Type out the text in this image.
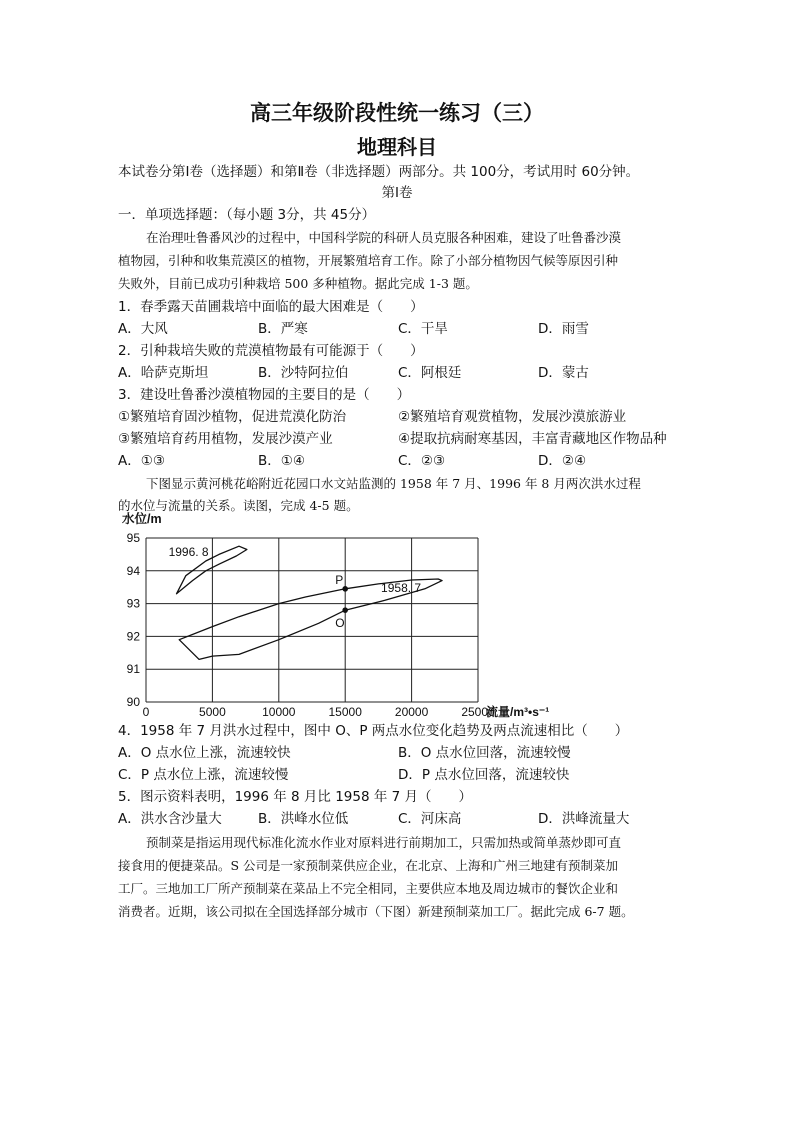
高三年级阶段性统一练习（三）
地理科目
本试卷分第Ⅰ卷（选择题）和第Ⅱ卷（非选择题）两部分。共 100分，考试用时 60分钟。
第Ⅰ卷
一．单项选择题：（每小题 3分，共 45分）
在治理吐鲁番风沙的过程中，中国科学院的科研人员克服各种困难，建设了吐鲁番沙漠
植物园，引种和收集荒漠区的植物，开展繁殖培育工作。除了小部分植物因气候等原因引种
失败外，目前已成功引种栽培 500 多种植物。据此完成 1-3 题。
1．春季露天苗圃栽培中面临的最大困难是（　　）
A．大风	B．严寒	C．干旱	D．雨雪
2．引种栽培失败的荒漠植物最有可能源于（　　）
A．哈萨克斯坦	B．沙特阿拉伯	C．阿根廷	D．蒙古
3．建设吐鲁番沙漠植物园的主要目的是（　　）
①繁殖培育固沙植物，促进荒漠化防治	②繁殖培育观赏植物，发展沙漠旅游业
③繁殖培育药用植物，发展沙漠产业	④提取抗病耐寒基因，丰富青藏地区作物品种
A．①③	B．①④	C．②③	D．②④
下图显示黄河桃花峪附近花园口水文站监测的 1958 年 7 月、1996 年 8 月两次洪水过程
的水位与流量的关系。读图，完成 4-5 题。
水位/m
90
91
92
93
94
95
0	5000	10000	15000	20000	25000
1958. 7
1996. 8
P
O
流量/m³•s⁻¹
4．1958 年 7 月洪水过程中，图中 O、P 两点水位变化趋势及两点流速相比（　　）
A．O 点水位上涨，流速较快	B．O 点水位回落，流速较慢
C．P 点水位上涨，流速较慢	D．P 点水位回落，流速较快
5．图示资料表明，1996 年 8 月比 1958 年 7 月（　　）
A．洪水含沙量大	B．洪峰水位低	C．河床高	D．洪峰流量大
预制菜是指运用现代标准化流水作业对原料进行前期加工，只需加热或简单蒸炒即可直
接食用的便捷菜品。S 公司是一家预制菜供应企业，在北京、上海和广州三地建有预制菜加
工厂。三地加工厂所产预制菜在菜品上不完全相同，主要供应本地及周边城市的餐饮企业和
消费者。近期，该公司拟在全国选择部分城市（下图）新建预制菜加工厂。据此完成 6-7 题。
